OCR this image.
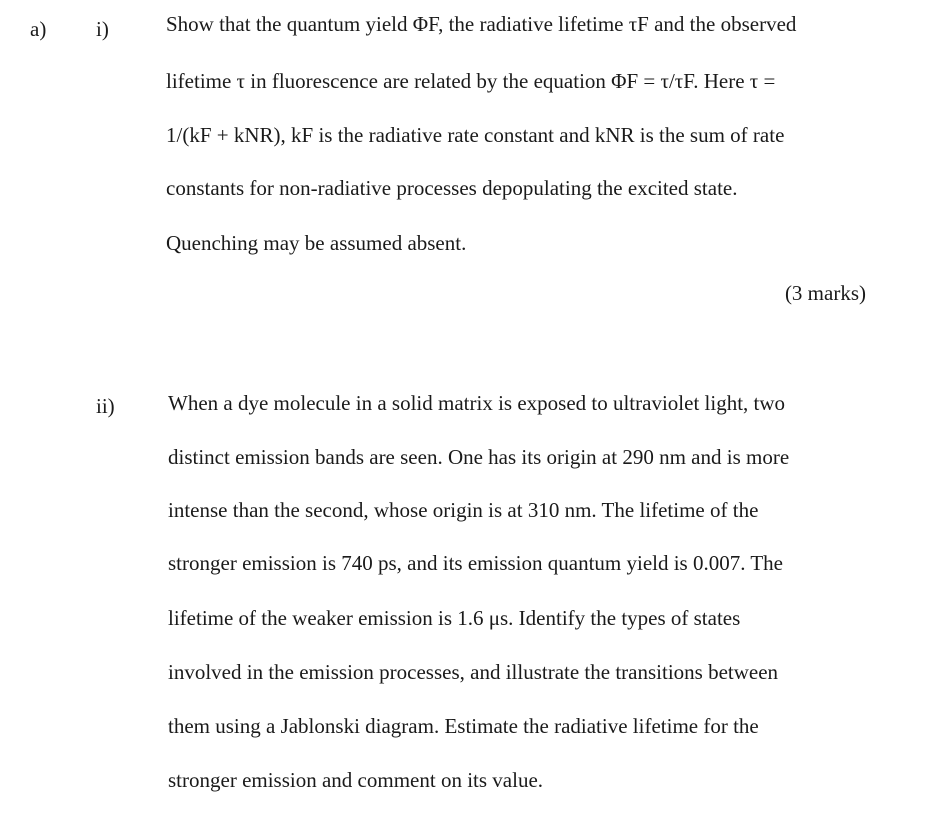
a) i)	Show that the quantum yield ΦF, the radiative lifetime τF and the observed
lifetime τ in fluorescence are related by the equation ΦF = τ/τF. Here τ =
1/(kF + kNR), kF is the radiative rate constant and kNR is the sum of rate
constants for non-radiative processes depopulating the excited state.
Quenching may be assumed absent.
(3 marks)
ii)	When a dye molecule in a solid matrix is exposed to ultraviolet light, two
distinct emission bands are seen. One has its origin at 290 nm and is more
intense than the second, whose origin is at 310 nm. The lifetime of the
stronger emission is 740 ps, and its emission quantum yield is 0.007. The
lifetime of the weaker emission is 1.6 μs. Identify the types of states
involved in the emission processes, and illustrate the transitions between
them using a Jablonski diagram. Estimate the radiative lifetime for the
stronger emission and comment on its value.
